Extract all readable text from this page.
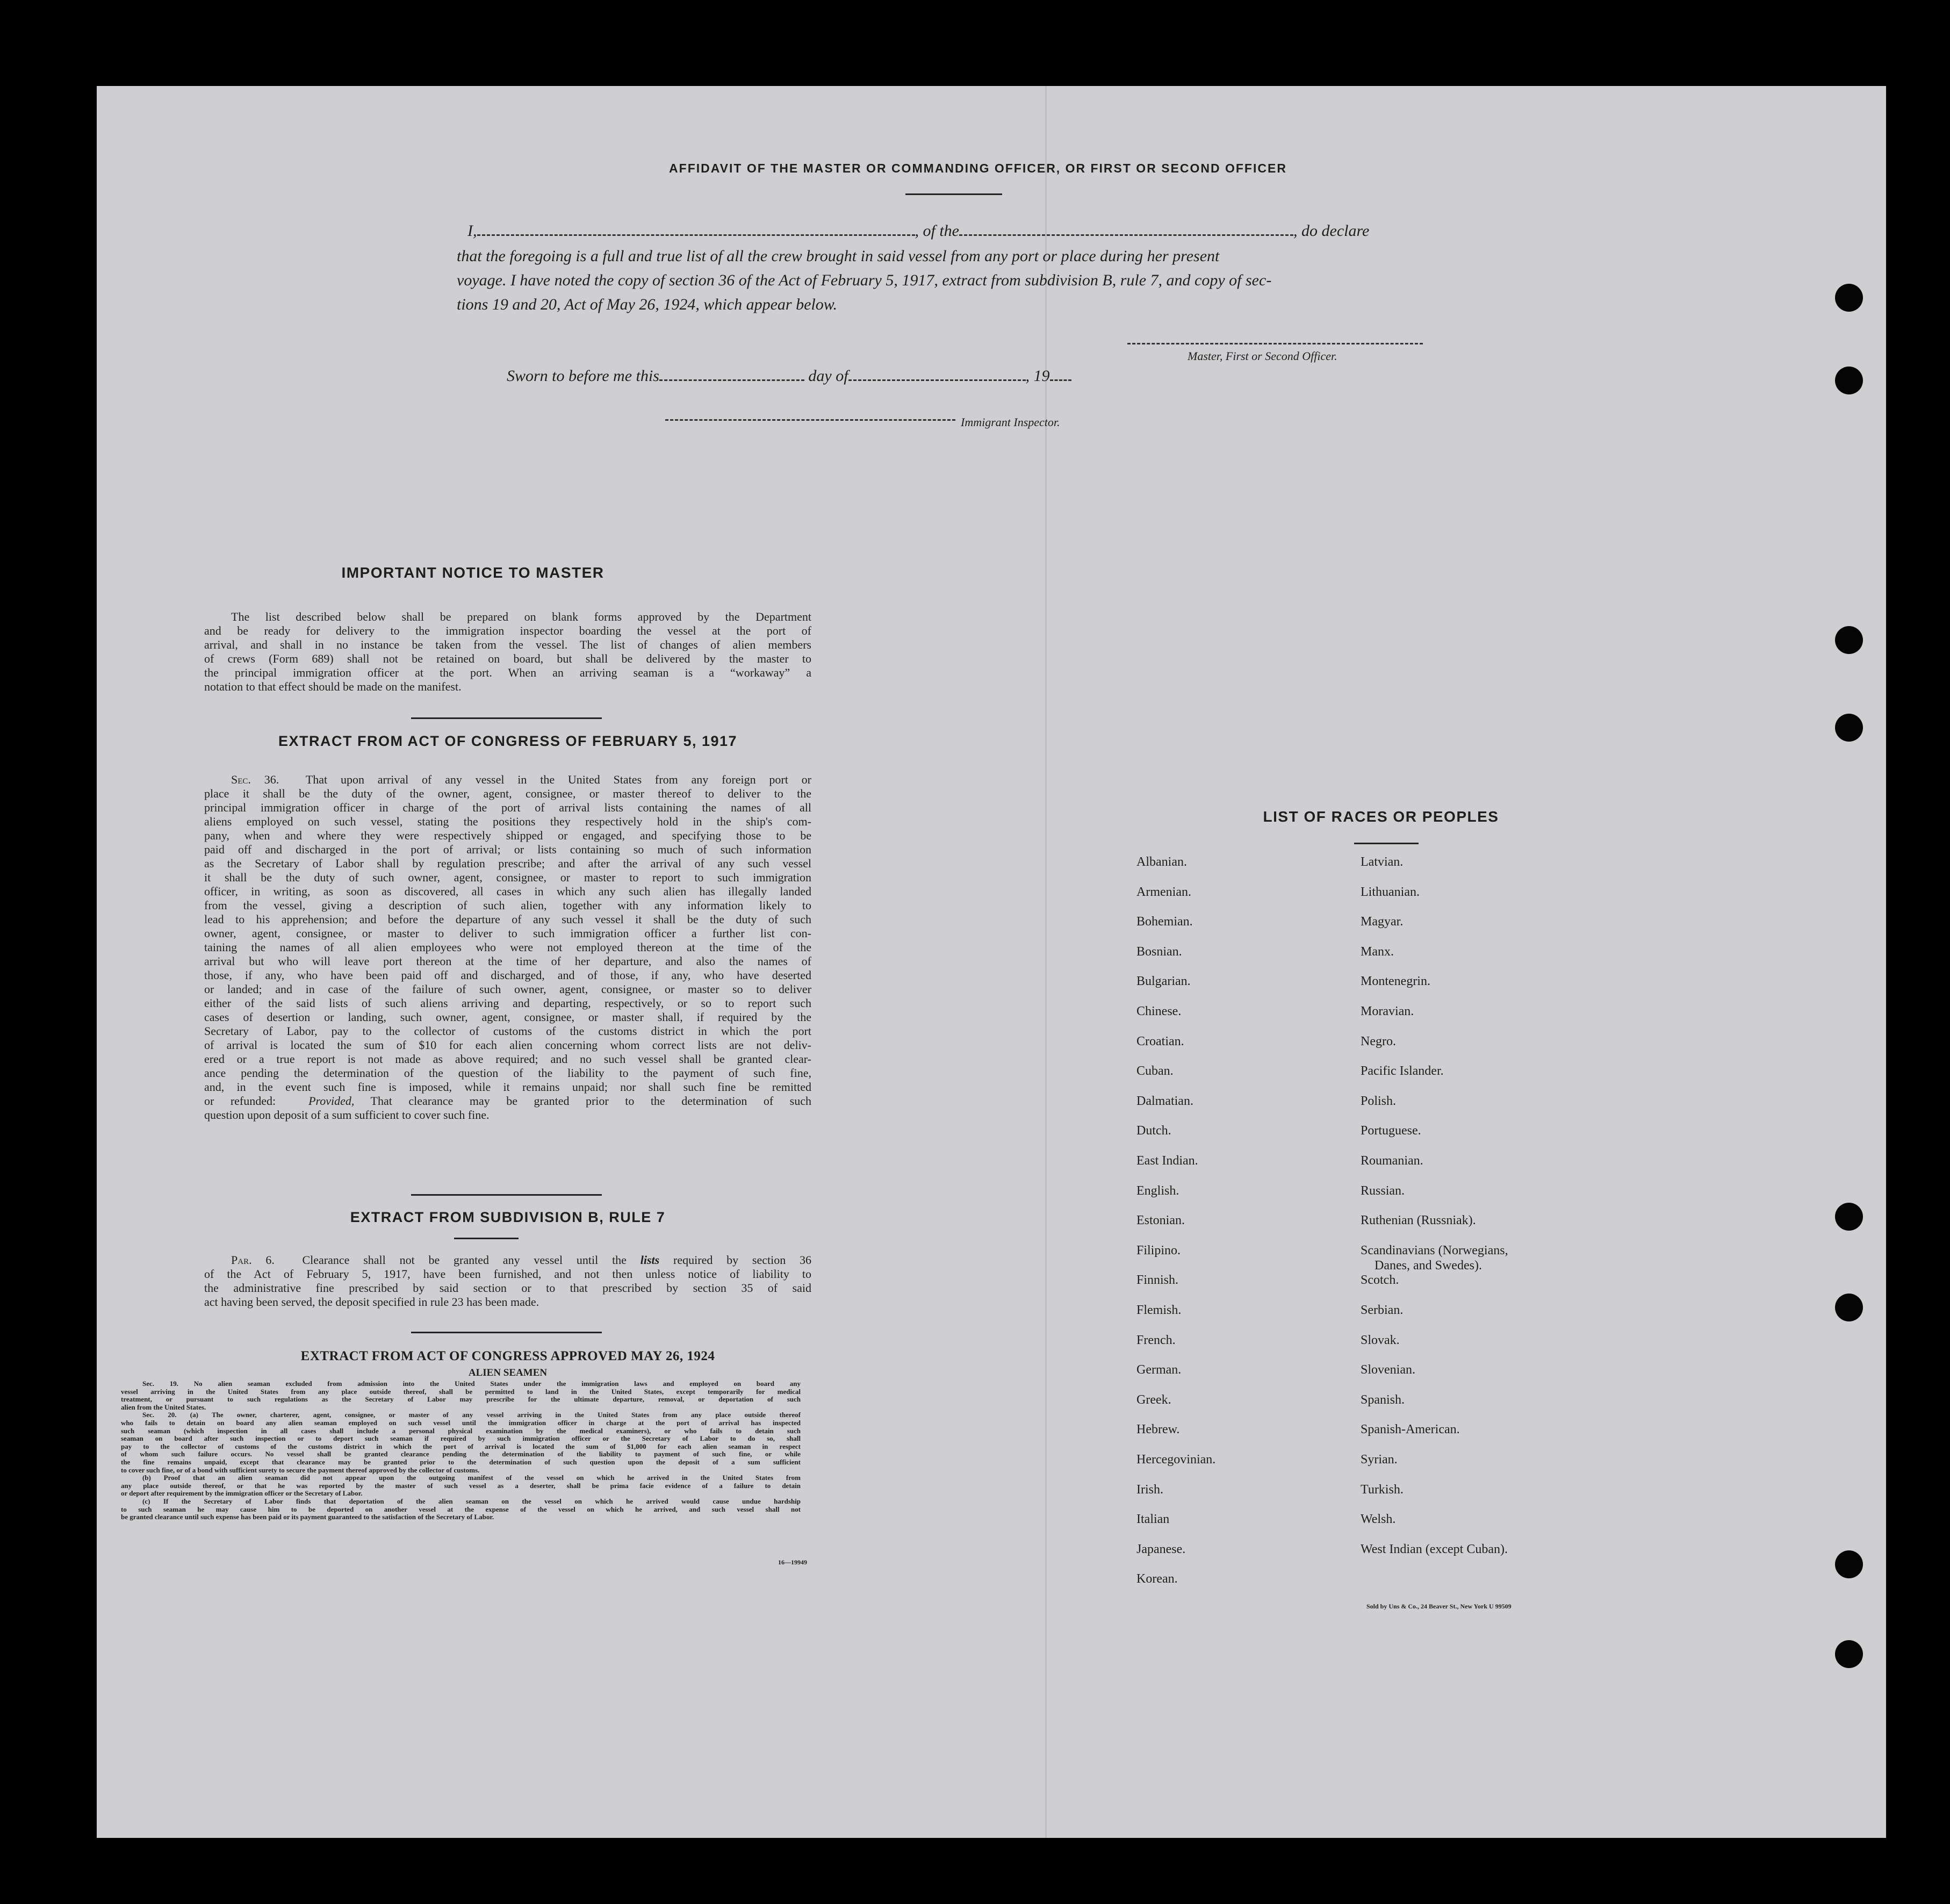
AFFIDAVIT OF THE MASTER OR COMMANDING OFFICER, OR FIRST OR SECOND OFFICER
I,	, of the	, do declare
that the foregoing is a full and true list of all the crew brought in said vessel from any port or place during her present
voyage. I have noted the copy of section 36 of the Act of February 5, 1917, extract from subdivision B, rule 7, and copy of sec-
tions 19 and 20, Act of May 26, 1924, which appear below.
Master, First or Second Officer.
Sworn to before me this	day of	, 19
Immigrant Inspector.
IMPORTANT NOTICE TO MASTER
The list described below shall be prepared on blank forms approved by the Department
and be ready for delivery to the immigration inspector boarding the vessel at the port of
arrival, and shall in no instance be taken from the vessel. The list of changes of alien members
of crews (Form 689) shall not be retained on board, but shall be delivered by the master to
the principal immigration officer at the port. When an arriving seaman is a “workaway” a
notation to that effect should be made on the manifest.
EXTRACT FROM ACT OF CONGRESS OF FEBRUARY 5, 1917
Sec. 36. That upon arrival of any vessel in the United States from any foreign port or
place it shall be the duty of the owner, agent, consignee, or master thereof to deliver to the
principal immigration officer in charge of the port of arrival lists containing the names of all
aliens employed on such vessel, stating the positions they respectively hold in the ship's com-
pany, when and where they were respectively shipped or engaged, and specifying those to be
paid off and discharged in the port of arrival; or lists containing so much of such information
as the Secretary of Labor shall by regulation prescribe; and after the arrival of any such vessel
it shall be the duty of such owner, agent, consignee, or master to report to such immigration
officer, in writing, as soon as discovered, all cases in which any such alien has illegally landed
from the vessel, giving a description of such alien, together with any information likely to
lead to his apprehension; and before the departure of any such vessel it shall be the duty of such
owner, agent, consignee, or master to deliver to such immigration officer a further list con-
taining the names of all alien employees who were not employed thereon at the time of the
arrival but who will leave port thereon at the time of her departure, and also the names of
those, if any, who have been paid off and discharged, and of those, if any, who have deserted
or landed; and in case of the failure of such owner, agent, consignee, or master so to deliver
either of the said lists of such aliens arriving and departing, respectively, or so to report such
cases of desertion or landing, such owner, agent, consignee, or master shall, if required by the
Secretary of Labor, pay to the collector of customs of the customs district in which the port
of arrival is located the sum of $10 for each alien concerning whom correct lists are not deliv-
ered or a true report is not made as above required; and no such vessel shall be granted clear-
ance pending the determination of the question of the liability to the payment of such fine,
and, in the event such fine is imposed, while it remains unpaid; nor shall such fine be remitted
or refunded:	Provided, That clearance may be granted prior to the determination of such
question upon deposit of a sum sufficient to cover such fine.
EXTRACT FROM SUBDIVISION B, RULE 7
Par. 6. Clearance shall not be granted any vessel until the lists required by section 36
of the Act of February 5, 1917, have been furnished, and not then unless notice of liability to
the administrative fine prescribed by said section or to that prescribed by section 35 of said
act having been served, the deposit specified in rule 23 has been made.
EXTRACT FROM ACT OF CONGRESS APPROVED MAY 26, 1924
ALIEN SEAMEN
Sec. 19. No alien seaman excluded from admission into the United States under the immigration laws and employed on board any
vessel arriving in the United States from any place outside thereof, shall be permitted to land in the United States, except temporarily for medical
treatment, or pursuant to such regulations as the Secretary of Labor may prescribe for the ultimate departure, removal, or deportation of such
alien from the United States.
Sec. 20. (a) The owner, charterer, agent, consignee, or master of any vessel arriving in the United States from any place outside thereof
who fails to detain on board any alien seaman employed on such vessel until the immigration officer in charge at the port of arrival has inspected
such seaman (which inspection in all cases shall include a personal physical examination by the medical examiners), or who fails to detain such
seaman on board after such inspection or to deport such seaman if required by such immigration officer or the Secretary of Labor to do so, shall
pay to the collector of customs of the customs district in which the port of arrival is located the sum of $1,000 for each alien seaman in respect
of whom such failure occurs. No vessel shall be granted clearance pending the determination of the liability to payment of such fine, or while
the fine remains unpaid, except that clearance may be granted prior to the determination of such question upon the deposit of a sum sufficient
to cover such fine, or of a bond with sufficient surety to secure the payment thereof approved by the collector of customs.
(b) Proof that an alien seaman did not appear upon the outgoing manifest of the vessel on which he arrived in the United States from
any place outside thereof, or that he was reported by the master of such vessel as a deserter, shall be prima facie evidence of a failure to detain
or deport after requirement by the immigration officer or the Secretary of Labor.
(c) If the Secretary of Labor finds that deportation of the alien seaman on the vessel on which he arrived would cause undue hardship
to such seaman he may cause him to be deported on another vessel at the expense of the vessel on which he arrived, and such vessel shall not
be granted clearance until such expense has been paid or its payment guaranteed to the satisfaction of the Secretary of Labor.
16—19949
LIST OF RACES OR PEOPLES
Albanian.
Armenian.
Bohemian.
Bosnian.
Bulgarian.
Chinese.
Croatian.
Cuban.
Dalmatian.
Dutch.
East Indian.
English.
Estonian.
Filipino.
Finnish.
Flemish.
French.
German.
Greek.
Hebrew.
Hercegovinian.
Irish.
Italian
Japanese.
Korean.
Latvian.
Lithuanian.
Magyar.
Manx.
Montenegrin.
Moravian.
Negro.
Pacific Islander.
Polish.
Portuguese.
Roumanian.
Russian.
Ruthenian (Russniak).
Scandinavians (Norwegians,
Danes, and Swedes).
Scotch.
Serbian.
Slovak.
Slovenian.
Spanish.
Spanish-American.
Syrian.
Turkish.
Welsh.
West Indian (except Cuban).
Sold by Uns & Co., 24 Beaver St., New York U 99509
